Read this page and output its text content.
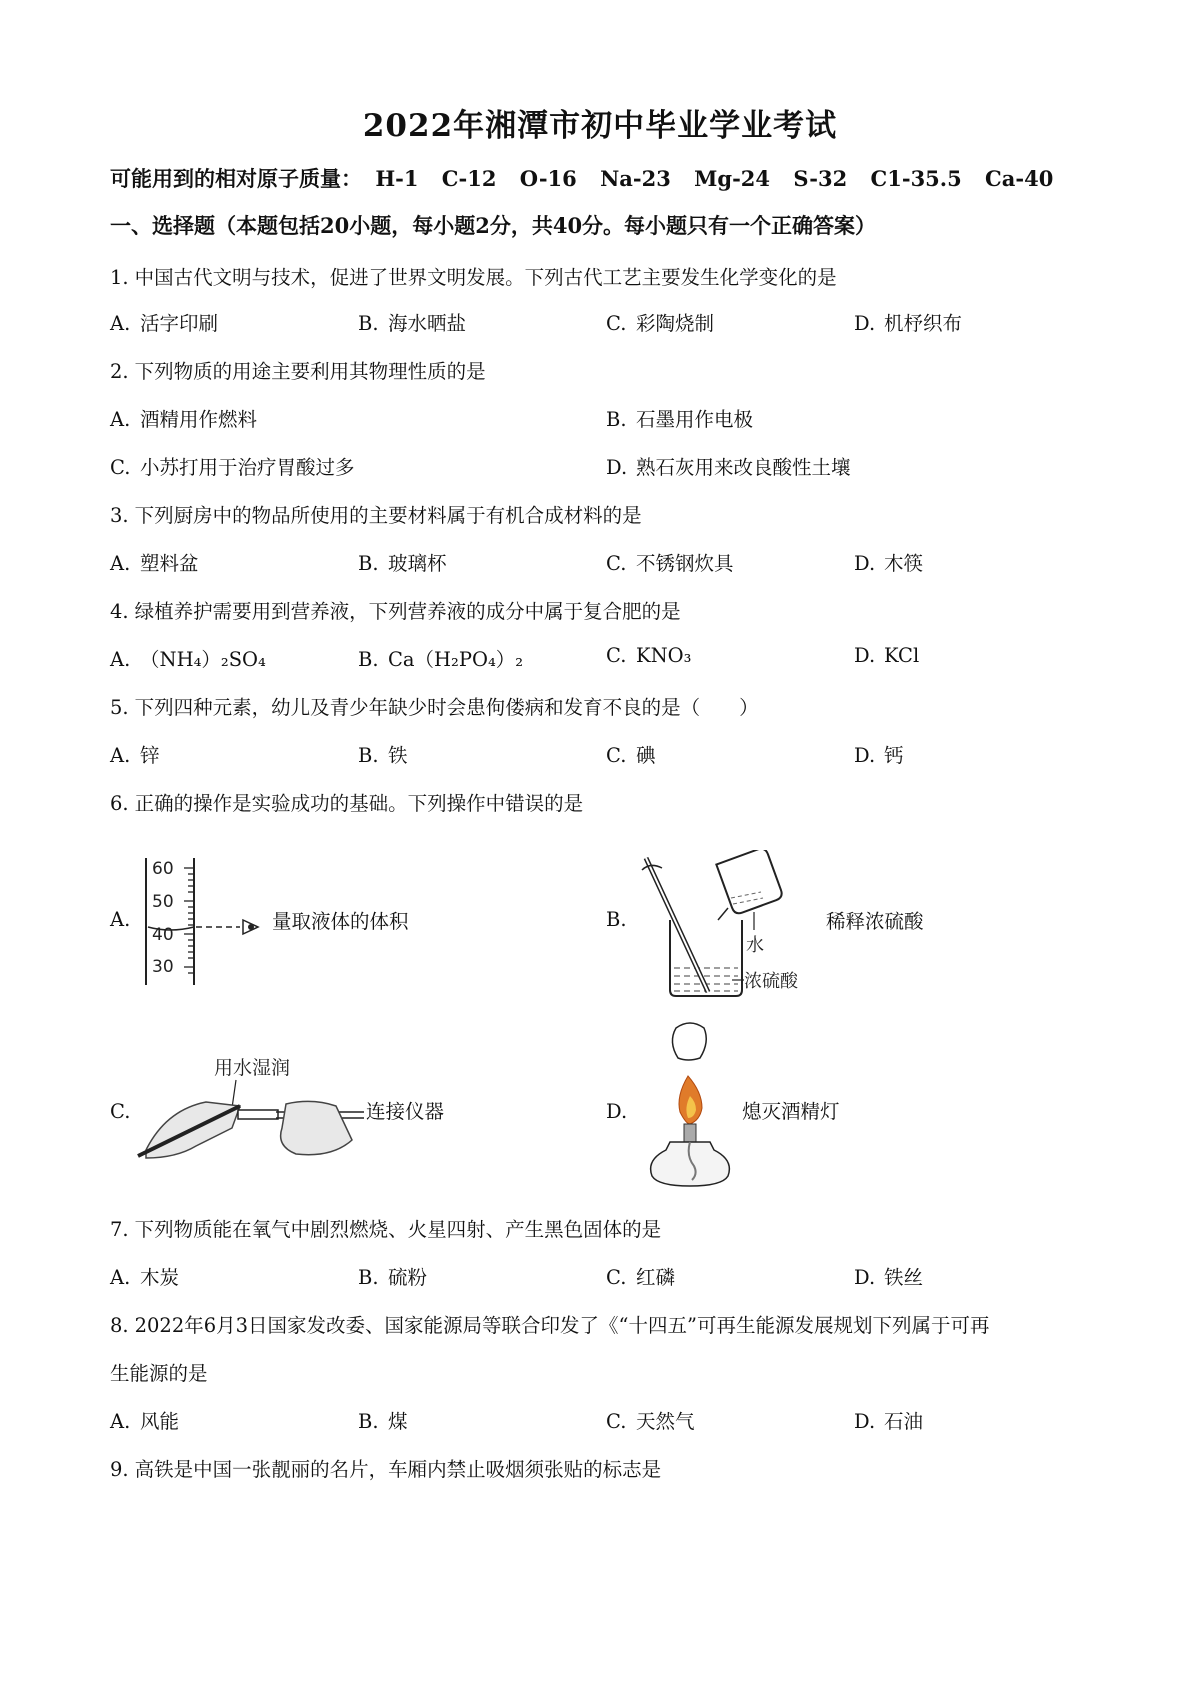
2022年湘潭市初中毕业学业考试
可能用到的相对原子质量： H-1 C-12 O-16 Na-23 Mg-24 S-32 C1-35.5 Ca-40
一、选择题（本题包括20小题，每小题2分，共40分。每小题只有一个正确答案）
1. 中国古代文明与技术，促进了世界文明发展。下列古代工艺主要发生化学变化的是
A. 活字印刷	B. 海水晒盐	C. 彩陶烧制	D. 机杼织布
2. 下列物质的用途主要利用其物理性质的是
A. 酒精用作燃料	B. 石墨用作电极
C. 小苏打用于治疗胃酸过多	D. 熟石灰用来改良酸性土壤
3. 下列厨房中的物品所使用的主要材料属于有机合成材料的是
A. 塑料盆	B. 玻璃杯	C. 不锈钢炊具	D. 木筷
4. 绿植养护需要用到营养液，下列营养液的成分中属于复合肥的是
A. （NH₄）₂SO₄	B. Ca（H₂PO₄）₂	C. KNO₃	D. KCl
5. 下列四种元素，幼儿及青少年缺少时会患佝偻病和发育不良的是（　　）
A. 锌	B. 铁	C. 碘	D. 钙
6. 正确的操作是实验成功的基础。下列操作中错误的是
A.
60
50
40
30
量取液体的体积	B.
水
浓硫酸
稀释浓硫酸
C.
用水湿润
连接仪器	D.	熄灭酒精灯
7. 下列物质能在氧气中剧烈燃烧、火星四射、产生黑色固体的是
A. 木炭	B. 硫粉	C. 红磷	D. 铁丝
8. 2022年6月3日国家发改委、国家能源局等联合印发了《“十四五”可再生能源发展规划下列属于可再
生能源的是
A. 风能	B. 煤	C. 天然气	D. 石油
9. 高铁是中国一张靓丽的名片，车厢内禁止吸烟须张贴的标志是
